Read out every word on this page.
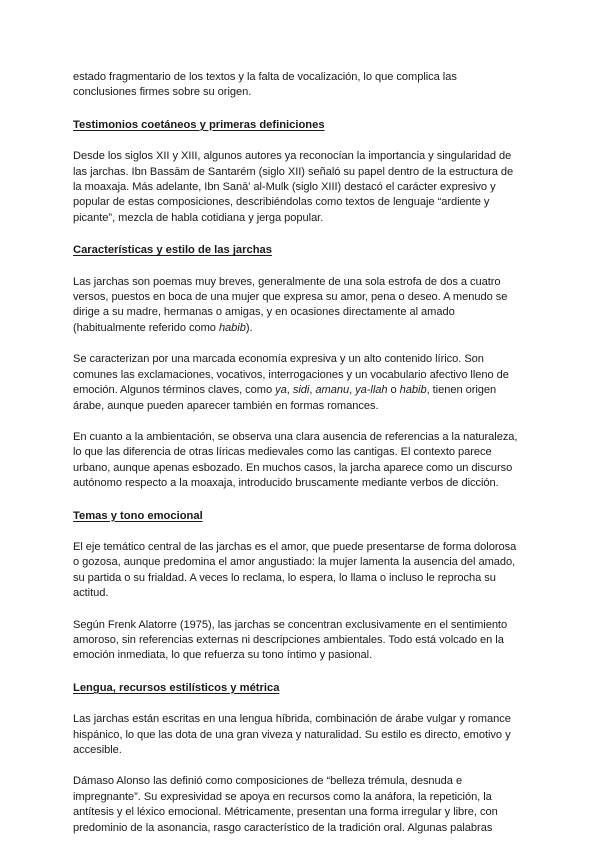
estado fragmentario de los textos y la falta de vocalización, lo que complica las conclusiones firmes sobre su origen.

Testimonios coetáneos y primeras definiciones

Desde los siglos XII y XIII, algunos autores ya reconocían la importancia y singularidad de las jarchas. Ibn Bassām de Santarém (siglo XII) señaló su papel dentro de la estructura de la moaxaja. Más adelante, Ibn Sanā' al-Mulk (siglo XIII) destacó el carácter expresivo y popular de estas composiciones, describiéndolas como textos de lenguaje “ardiente y picante”, mezcla de habla cotidiana y jerga popular.

Características y estilo de las jarchas

Las jarchas son poemas muy breves, generalmente de una sola estrofa de dos a cuatro versos, puestos en boca de una mujer que expresa su amor, pena o deseo. A menudo se dirige a su madre, hermanas o amigas, y en ocasiones directamente al amado (habitualmente referido como habib).

Se caracterizan por una marcada economía expresiva y un alto contenido lírico. Son comunes las exclamaciones, vocativos, interrogaciones y un vocabulario afectivo lleno de emoción. Algunos términos claves, como ya, sidi, amanu, ya-llah o habib, tienen origen árabe, aunque pueden aparecer también en formas romances.

En cuanto a la ambientación, se observa una clara ausencia de referencias a la naturaleza, lo que las diferencia de otras líricas medievales como las cantigas. El contexto parece urbano, aunque apenas esbozado. En muchos casos, la jarcha aparece como un discurso autónomo respecto a la moaxaja, introducido bruscamente mediante verbos de dicción.

Temas y tono emocional

El eje temático central de las jarchas es el amor, que puede presentarse de forma dolorosa o gozosa, aunque predomina el amor angustiado: la mujer lamenta la ausencia del amado, su partida o su frialdad. A veces lo reclama, lo espera, lo llama o incluso le reprocha su actitud.

Según Frenk Alatorre (1975), las jarchas se concentran exclusivamente en el sentimiento amoroso, sin referencias externas ni descripciones ambientales. Todo está volcado en la emoción inmediata, lo que refuerza su tono íntimo y pasional.

Lengua, recursos estilísticos y métrica

Las jarchas están escritas en una lengua híbrida, combinación de árabe vulgar y romance hispánico, lo que las dota de una gran viveza y naturalidad. Su estilo es directo, emotivo y accesible.

Dámaso Alonso las definió como composiciones de “belleza trémula, desnuda e impregnante”. Su expresividad se apoya en recursos como la anáfora, la repetición, la antítesis y el léxico emocional. Métricamente, presentan una forma irregular y libre, con predominio de la asonancia, rasgo característico de la tradición oral. Algunas palabras
